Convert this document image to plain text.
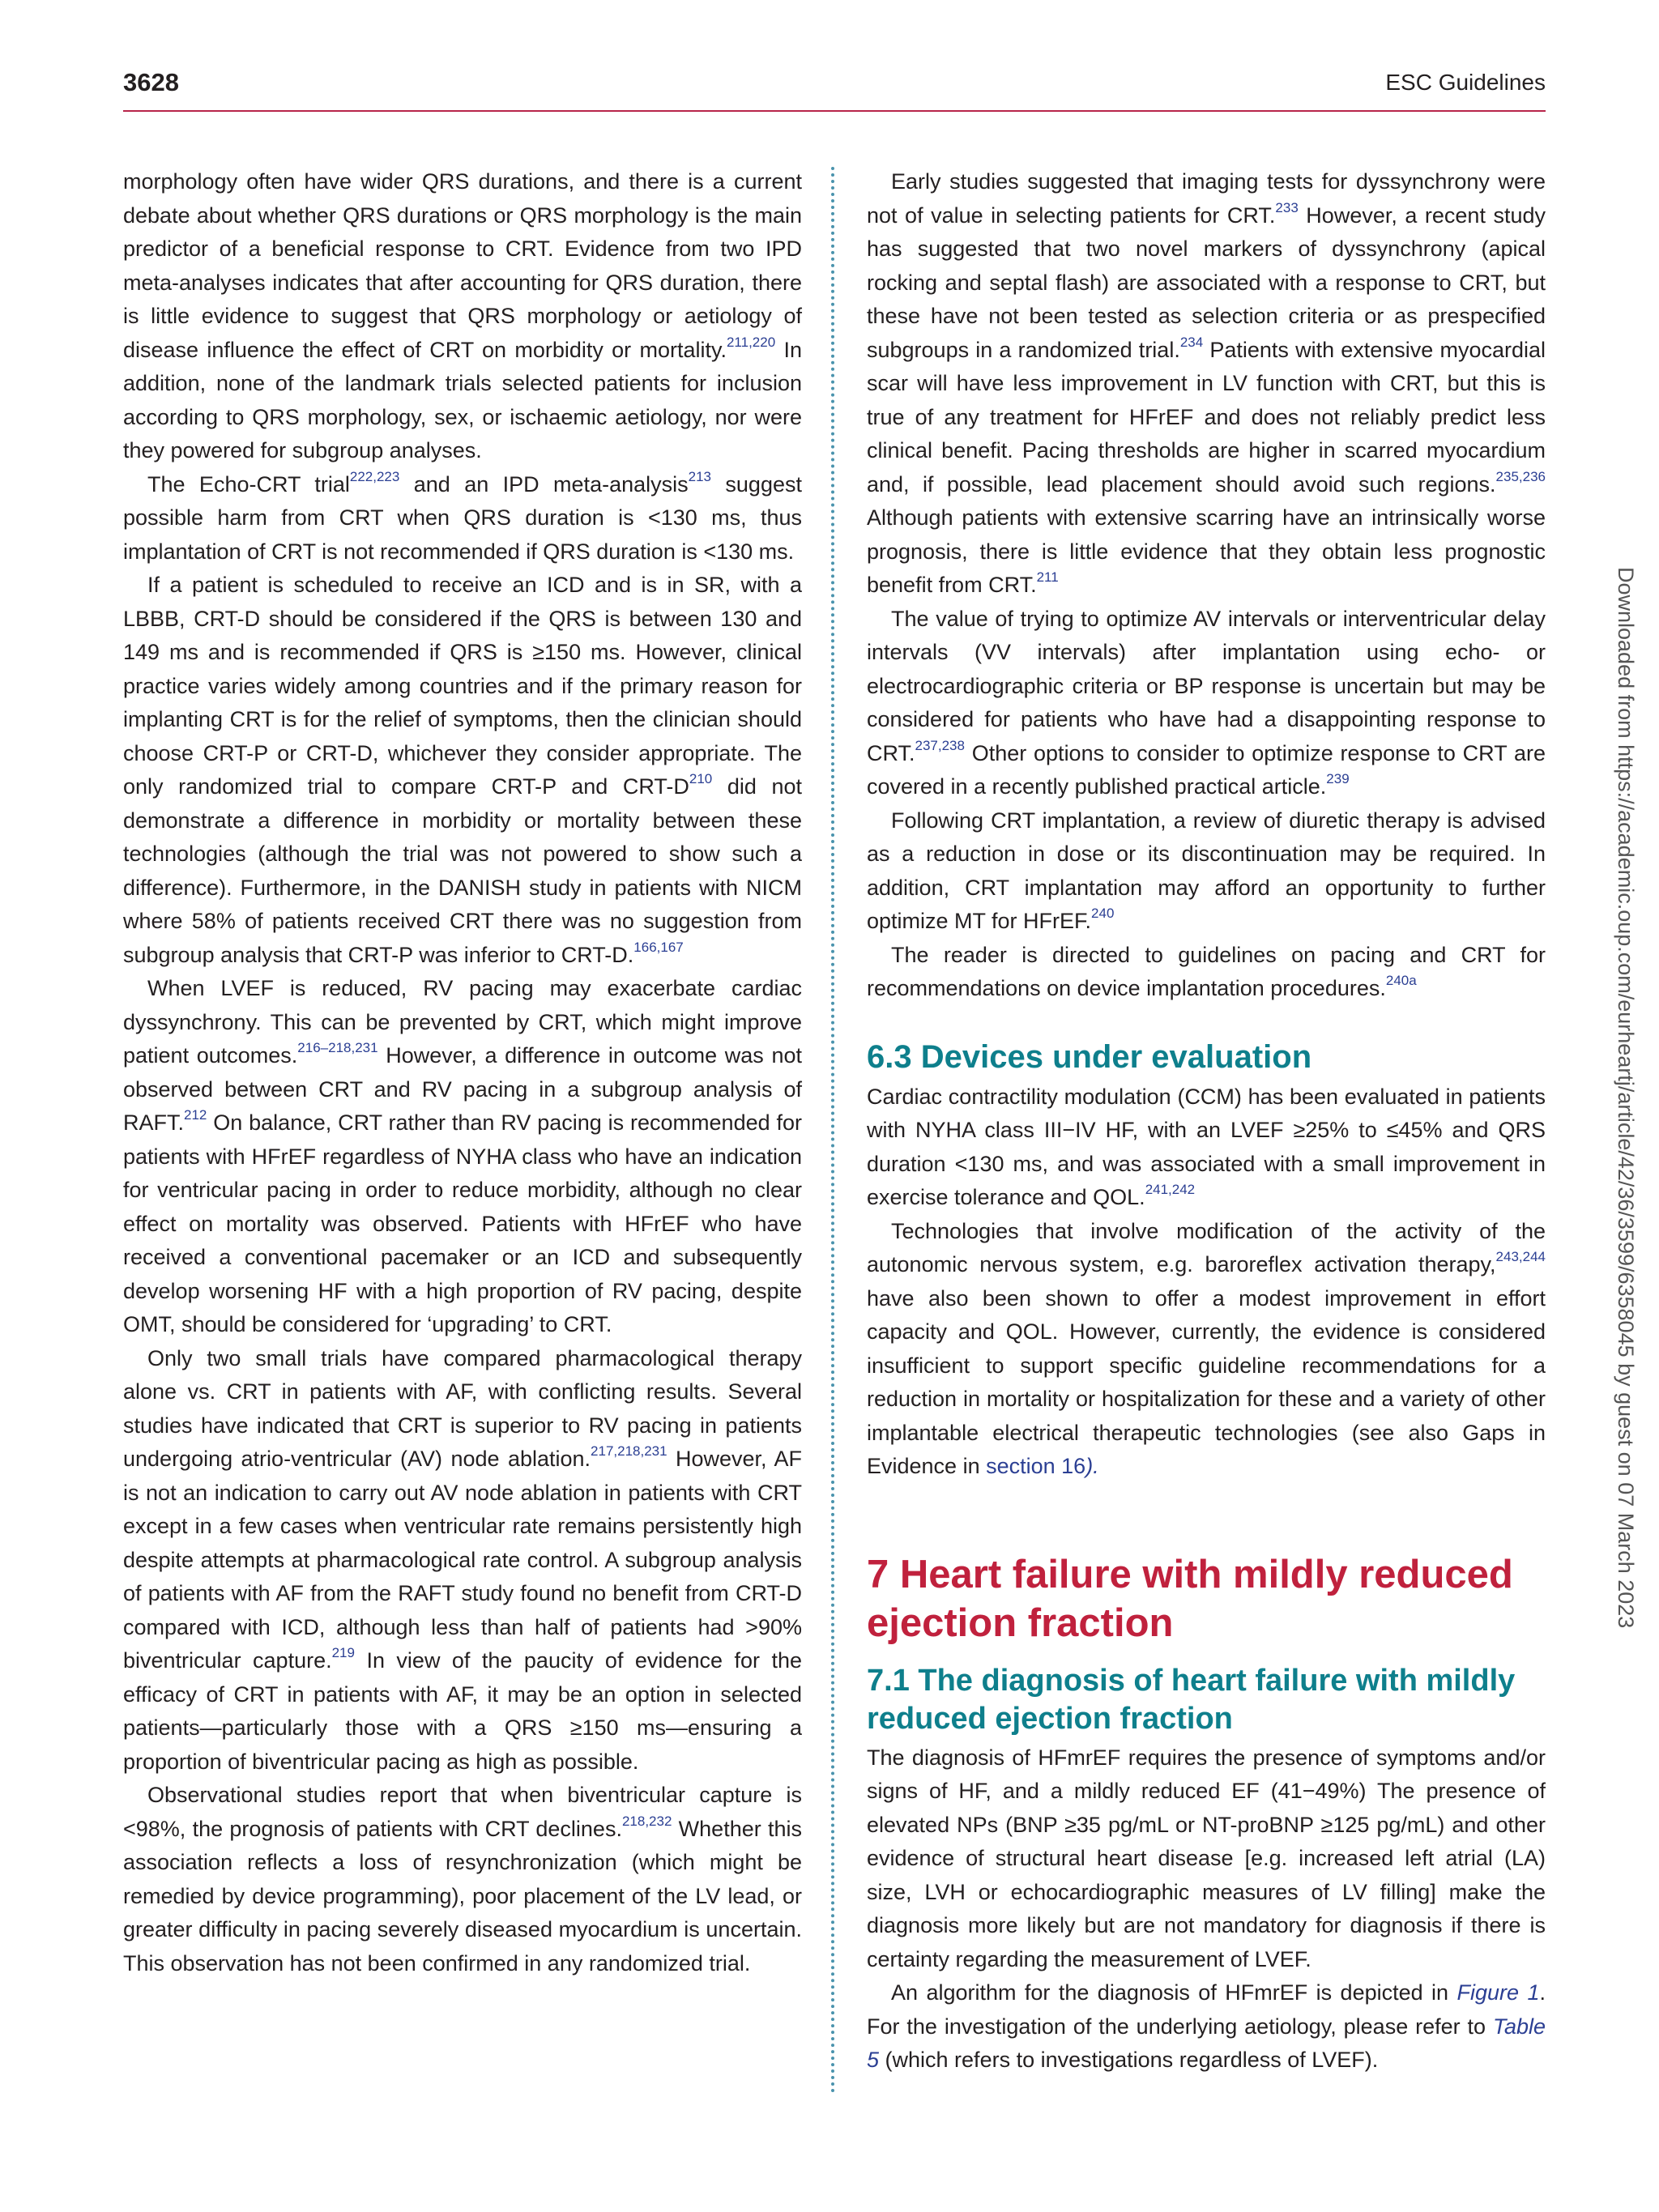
3628	ESC Guidelines

morphology often have wider QRS durations, and there is a current debate about whether QRS durations or QRS morphology is the main predictor of a beneficial response to CRT. Evidence from two IPD meta-analyses indicates that after accounting for QRS duration, there is little evidence to suggest that QRS morphology or aetiology of disease influence the effect of CRT on morbidity or mortality.$^{211,220}$ In addition, none of the landmark trials selected patients for inclusion according to QRS morphology, sex, or ischaemic aetiology, nor were they powered for subgroup analyses.

The Echo-CRT trial$^{222,223}$ and an IPD meta-analysis$^{213}$ suggest possible harm from CRT when QRS duration is <130 ms, thus implantation of CRT is not recommended if QRS duration is <130 ms.

If a patient is scheduled to receive an ICD and is in SR, with a LBBB, CRT-D should be considered if the QRS is between 130 and 149 ms and is recommended if QRS is ≥150 ms. However, clinical practice varies widely among countries and if the primary reason for implanting CRT is for the relief of symptoms, then the clinician should choose CRT-P or CRT-D, whichever they consider appropriate. The only randomized trial to compare CRT-P and CRT-$D^{210}$ did not demonstrate a difference in morbidity or mortality between these technologies (although the trial was not powered to show such a difference). Furthermore, in the DANISH study in patients with NICM where 58% of patients received CRT there was no suggestion from subgroup analysis that CRT-P was inferior to CRT-D.$^{166,167}$

When LVEF is reduced, RV pacing may exacerbate cardiac dyssynchrony. This can be prevented by CRT, which might improve patient outcomes.$^{216-218,231}$ However, a difference in outcome was not observed between CRT and RV pacing in a subgroup analysis of RAFT.$^{212}$ On balance, CRT rather than RV pacing is recommended for patients with HFrEF regardless of NYHA class who have an indication for ventricular pacing in order to reduce morbidity, although no clear effect on mortality was observed. Patients with HFrEF who have received a conventional pacemaker or an ICD and subsequently develop worsening HF with a high proportion of RV pacing, despite OMT, should be considered for ‘upgrading’ to CRT.

Only two small trials have compared pharmacological therapy alone vs. CRT in patients with AF, with conflicting results. Several studies have indicated that CRT is superior to RV pacing in patients undergoing atrio-ventricular (AV) node ablation.$^{217,218,231}$ However, AF is not an indication to carry out AV node ablation in patients with CRT except in a few cases when ventricular rate remains persistently high despite attempts at pharmacological rate control. A subgroup analysis of patients with AF from the RAFT study found no benefit from CRT-D compared with ICD, although less than half of patients had >90% biventricular capture.$^{219}$ In view of the paucity of evidence for the efficacy of CRT in patients with AF, it may be an option in selected patients—particularly those with a QRS ≥150 ms—ensuring a proportion of biventricular pacing as high as possible.

Observational studies report that when biventricular capture is <98%, the prognosis of patients with CRT declines.$^{218,232}$ Whether this association reflects a loss of resynchronization (which might be remedied by device programming), poor placement of the LV lead, or greater difficulty in pacing severely diseased myocardium is uncertain. This observation has not been confirmed in any randomized trial.

Early studies suggested that imaging tests for dyssynchrony were not of value in selecting patients for CRT.$^{233}$ However, a recent study has suggested that two novel markers of dyssynchrony (apical rocking and septal flash) are associated with a response to CRT, but these have not been tested as selection criteria or as prespecified subgroups in a randomized trial.$^{234}$ Patients with extensive myocardial scar will have less improvement in LV function with CRT, but this is true of any treatment for HFrEF and does not reliably predict less clinical benefit. Pacing thresholds are higher in scarred myocardium and, if possible, lead placement should avoid such regions.$^{235,236}$ Although patients with extensive scarring have an intrinsically worse prognosis, there is little evidence that they obtain less prognostic benefit from CRT.$^{211}$

The value of trying to optimize AV intervals or interventricular delay intervals (VV intervals) after implantation using echo- or electrocardiographic criteria or BP response is uncertain but may be considered for patients who have had a disappointing response to CRT.$^{237,238}$ Other options to consider to optimize response to CRT are covered in a recently published practical article.$^{239}$

Following CRT implantation, a review of diuretic therapy is advised as a reduction in dose or its discontinuation may be required. In addition, CRT implantation may afford an opportunity to further optimize MT for HFrEF.$^{240}$

The reader is directed to guidelines on pacing and CRT for recommendations on device implantation procedures.$^{240a}$

6.3 Devices under evaluation

Cardiac contractility modulation (CCM) has been evaluated in patients with NYHA class III−IV HF, with an LVEF ≥25% to ≤45% and QRS duration <130 ms, and was associated with a small improvement in exercise tolerance and QOL.$^{241,242}$

Technologies that involve modification of the activity of the autonomic nervous system, e.g. baroreflex activation therapy,$^{243,244}$ have also been shown to offer a modest improvement in effort capacity and QOL. However, currently, the evidence is considered insufficient to support specific guideline recommendations for a reduction in mortality or hospitalization for these and a variety of other implantable electrical therapeutic technologies (see also Gaps in Evidence in section 16).

7 Heart failure with mildly reduced ejection fraction
7.1 The diagnosis of heart failure with mildly reduced ejection fraction

The diagnosis of HFmrEF requires the presence of symptoms and/or signs of HF, and a mildly reduced EF (41−49%) The presence of elevated NPs (BNP ≥35 pg/mL or NT-proBNP ≥125 pg/mL) and other evidence of structural heart disease [e.g. increased left atrial (LA) size, LVH or echocardiographic measures of LV filling] make the diagnosis more likely but are not mandatory for diagnosis if there is certainty regarding the measurement of LVEF.

An algorithm for the diagnosis of HFmrEF is depicted in Figure 1. For the investigation of the underlying aetiology, please refer to Table 5 (which refers to investigations regardless of LVEF).

Downloaded from https://academic.oup.com/eurheartj/article/42/36/3599/6358045 by guest on 07 March 2023
